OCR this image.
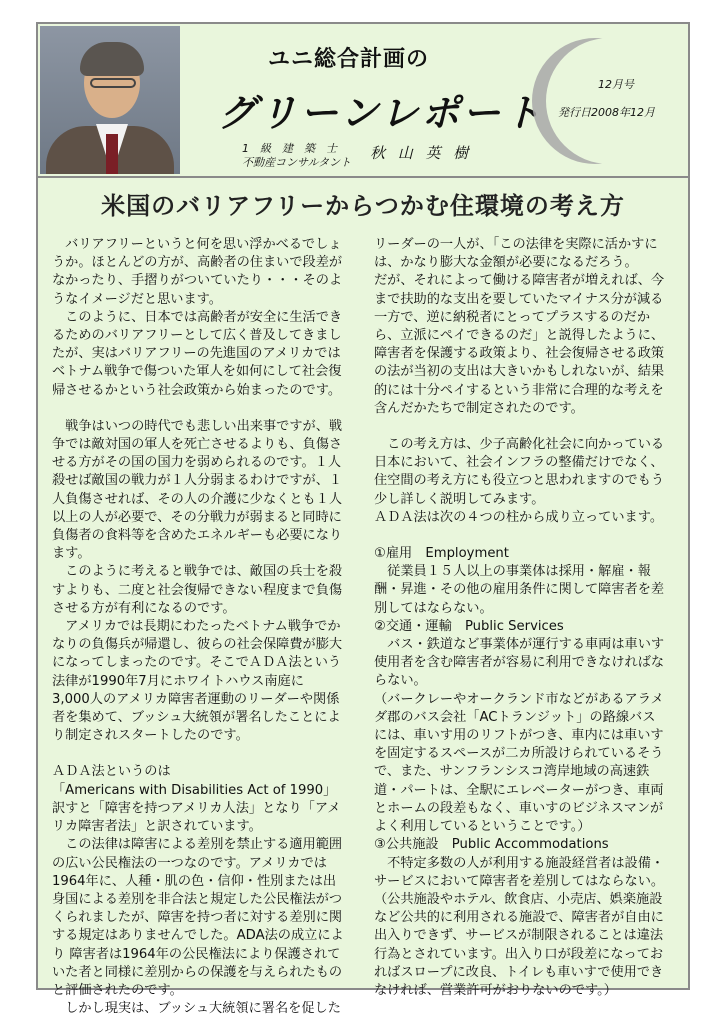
ユニ総合計画の
グリーンレポート
1　級　建　築　士
不動産コンサルタント
秋 山 英 樹
12月号
発行日2008年12月
米国のバリアフリーからつかむ住環境の考え方

　バリアフリーというと何を思い浮かべるでしょ
うか。ほとんどの方が、高齢者の住まいで段差が
なかったり、手摺りがついていたり・・・そのよ
うなイメージだと思います。

　このように、日本では高齢者が安全に生活でき
るためのバリアフリーとして広く普及してきまし
たが、実はバリアフリーの先進国のアメリカでは
ベトナム戦争で傷ついた軍人を如何にして社会復
帰させるかという社会政策から始まったのです。

　戦争はいつの時代でも悲しい出来事ですが、戦
争では敵対国の軍人を死亡させるよりも、負傷さ
せる方がその国の国力を弱められるのです。１人
殺せば敵国の戦力が１人分弱まるわけですが、１
人負傷させれば、その人の介護に少なくとも１人
以上の人が必要で、その分戦力が弱まると同時に
負傷者の食料等を含めたエネルギーも必要になり
ます。

　このように考えると戦争では、敵国の兵士を殺
すよりも、二度と社会復帰できない程度まで負傷
させる方が有利になるのです。

　アメリカでは長期にわたったベトナム戦争でか
なりの負傷兵が帰還し、彼らの社会保障費が膨大
になってしまったのです。そこでＡＤＡ法という
法律が1990年7月にホワイトハウス南庭に
3,000人のアメリカ障害者運動のリーダーや関係
者を集めて、ブッシュ大統領が署名したことによ
り制定されスタートしたのです。

ＡＤＡ法というのは
「Americans with Disabilities Act of 1990」
訳すと「障害を持つアメリカ人法」となり「アメ
リカ障害者法」と訳されています。

　この法律は障害による差別を禁止する適用範囲
の広い公民権法の一つなのです。アメリカでは
1964年に、人種・肌の色・信仰・性別または出
身国による差別を非合法と規定した公民権法がつ
くられましたが、障害を持つ者に対する差別に関
する規定はありませんでした。ADA法の成立によ
り 障害者は1964年の公民権法により保護されて
いた者と同様に差別からの保護を与えられたもの
と評価されたのです。

　しかし現実は、ブッシュ大統領に署名を促した

リーダーの一人が、「この法律を実際に活かすに
は、かなり膨大な金額が必要になるだろう。
だが、それによって働ける障害者が増えれば、今
まで扶助的な支出を要していたマイナス分が減る
一方で、逆に納税者にとってプラスするのだか
ら、立派にペイできるのだ」と説得したように、
障害者を保護する政策より、社会復帰させる政策
の法が当初の支出は大きいかもしれないが、結果
的には十分ペイするという非常に合理的な考えを
含んだかたちで制定されたのです。

　この考え方は、少子高齢化社会に向かっている
日本において、社会インフラの整備だけでなく、
住空間の考え方にも役立つと思われますのでもう
少し詳しく説明してみます。
ＡＤＡ法は次の４つの柱から成り立っています。

①雇用　Employment

　従業員１５人以上の事業体は採用・解雇・報
酬・昇進・その他の雇用条件に関して障害者を差
別してはならない。

②交通・運輸　Public Services

　バス・鉄道など事業体が運行する車両は車いす
使用者を含む障害者が容易に利用できなければな
らない。
（バークレーやオークランド市などがあるアラメ
ダ郡のバス会社「ACトランジット」の路線バス
には、車いす用のリフトがつき、車内には車いす
を固定するスペースが二カ所設けられているそう
で、また、サンフランシスコ湾岸地域の高速鉄
道・パートは、全駅にエレベーターがつき、車両
とホームの段差もなく、車いすのビジネスマンが
よく利用しているということです。）

③公共施設　Public Accommodations

　不特定多数の人が利用する施設経営者は設備・
サービスにおいて障害者を差別してはならない。
（公共施設やホテル、飲食店、小売店、娯楽施設
など公共的に利用される施設で、障害者が自由に
出入りできず、サービスが制限されることは違法
行為とされています。出入り口が段差になってお
ればスロープに改良、トイレも車いすで使用でき
なければ、営業許可がおりないのです。）
